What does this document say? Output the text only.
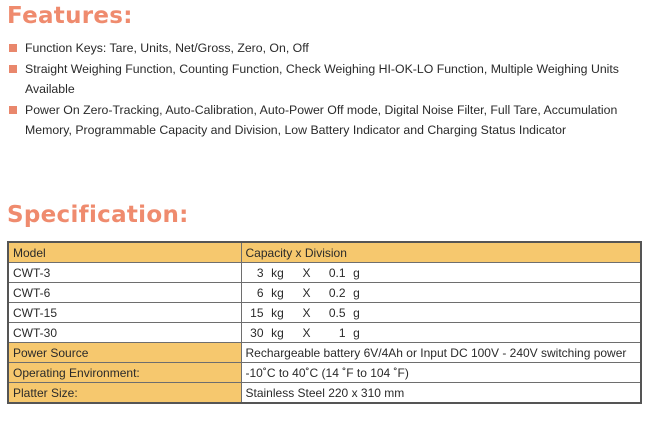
Features:
Function Keys: Tare, Units, Net/Gross, Zero, On, Off
Straight Weighing Function, Counting Function, Check Weighing HI-OK-LO Function, Multiple Weighing Units Available
Power On Zero-Tracking, Auto-Calibration, Auto-Power Off mode, Digital Noise Filter, Full Tare, Accumulation Memory, Programmable Capacity and Division, Low Battery Indicator and Charging Status Indicator
Specification:
Model	Capacity x Division
CWT-3	3 kg X 0.1 g
CWT-6	6 kg X 0.2 g
CWT-15	15 kg X 0.5 g
CWT-30	30 kg X 1 g
Power Source	Rechargeable battery 6V/4Ah or Input DC 100V - 240V switching power
Operating Environment:	-10˚C to 40˚C (14 ˚F to 104 ˚F)
Platter Size:	Stainless Steel 220 x 310 mm
